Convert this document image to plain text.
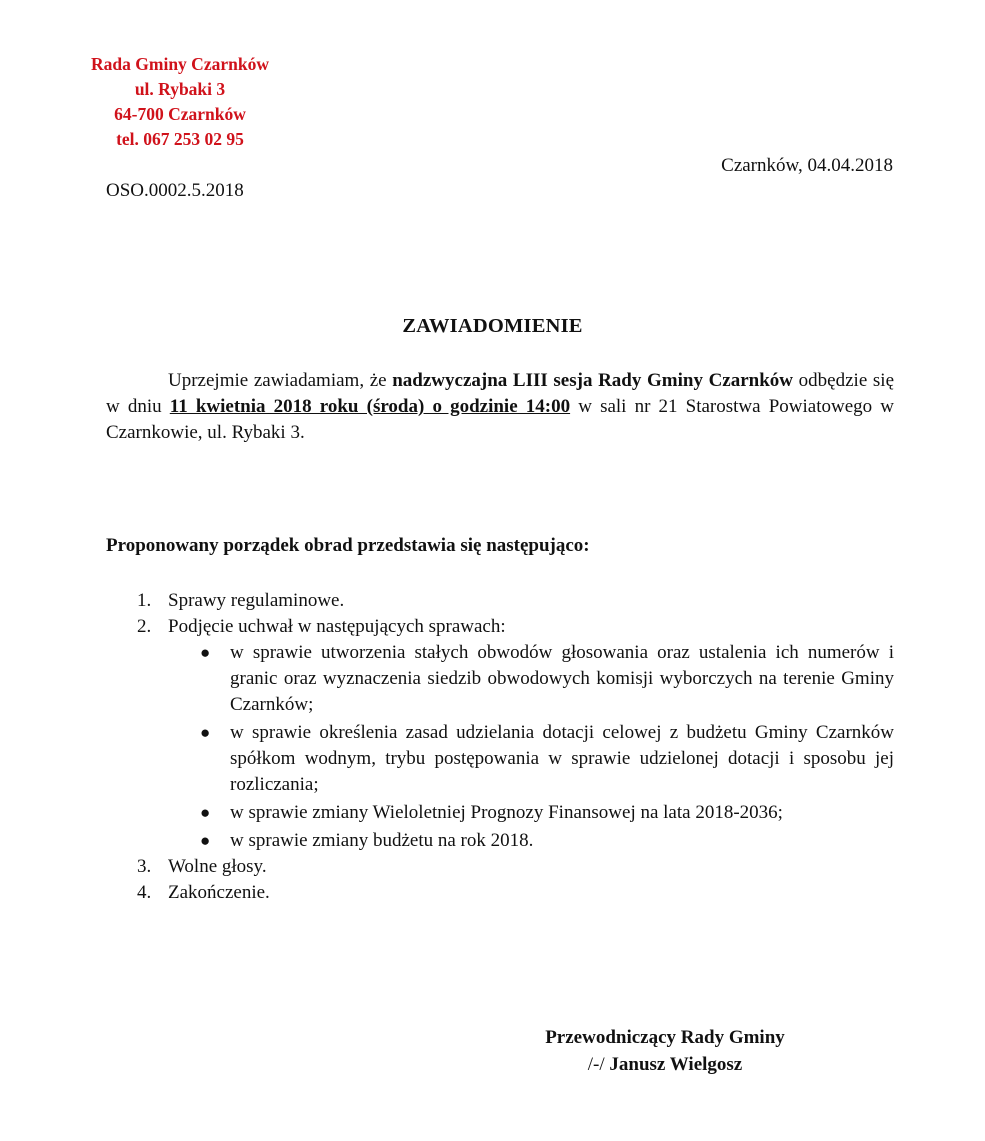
Rada Gminy Czarnków
ul. Rybaki 3
64-700 Czarnków
tel. 067 253 02 95
Czarnków, 04.04.2018
OSO.0002.5.2018
ZAWIADOMIENIE

Uprzejmie zawiadamiam, że nadzwyczajna LIII sesja Rady Gminy Czarnków odbędzie się w dniu 11 kwietnia 2018 roku (środa) o godzinie 14:00 w sali nr 21 Starostwa Powiatowego w Czarnkowie, ul. Rybaki 3.

Proponowany porządek obrad przedstawia się następująco:
1. Sprawy regulaminowe.
2. Podjęcie uchwał w następujących sprawach:
● w sprawie utworzenia stałych obwodów głosowania oraz ustalenia ich numerów i granic oraz wyznaczenia siedzib obwodowych komisji wyborczych na terenie Gminy Czarnków;
● w sprawie określenia zasad udzielania dotacji celowej z budżetu Gminy Czarnków spółkom wodnym, trybu postępowania w sprawie udzielonej dotacji i sposobu jej rozliczania;
● w sprawie zmiany Wieloletniej Prognozy Finansowej na lata 2018-2036;
● w sprawie zmiany budżetu na rok 2018.
3. Wolne głosy.
4. Zakończenie.
Przewodniczący Rady Gminy
/-/ Janusz Wielgosz
